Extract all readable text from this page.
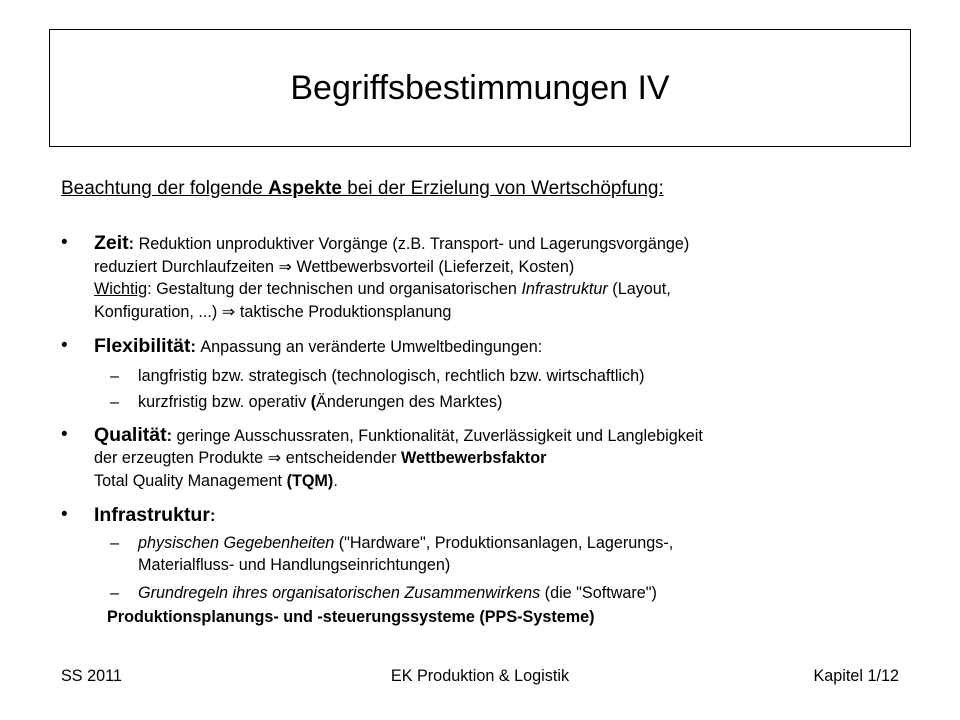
Begriffsbestimmungen IV
Beachtung der folgende Aspekte bei der Erzielung von Wertschöpfung:
• Zeit: Reduktion unproduktiver Vorgänge (z.B. Transport- und Lagerungsvorgänge)
reduziert Durchlaufzeiten ⇒ Wettbewerbsvorteil (Lieferzeit, Kosten)
Wichtig: Gestaltung der technischen und organisatorischen Infrastruktur (Layout,
Konfiguration, ...) ⇒ taktische Produktionsplanung
• Flexibilität: Anpassung an veränderte Umweltbedingungen:
– langfristig bzw. strategisch (technologisch, rechtlich bzw. wirtschaftlich)
– kurzfristig bzw. operativ (Änderungen des Marktes)
• Qualität: geringe Ausschussraten, Funktionalität, Zuverlässigkeit und Langlebigkeit
der erzeugten Produkte ⇒ entscheidender Wettbewerbsfaktor
Total Quality Management (TQM).
• Infrastruktur:
– physischen Gegebenheiten ("Hardware", Produktionsanlagen, Lagerungs-,
Materialfluss- und Handlungseinrichtungen)
– Grundregeln ihres organisatorischen Zusammenwirkens (die "Software")
Produktionsplanungs- und -steuerungssysteme (PPS-Systeme)
SS 2011	EK Produktion & Logistik	Kapitel 1/12
